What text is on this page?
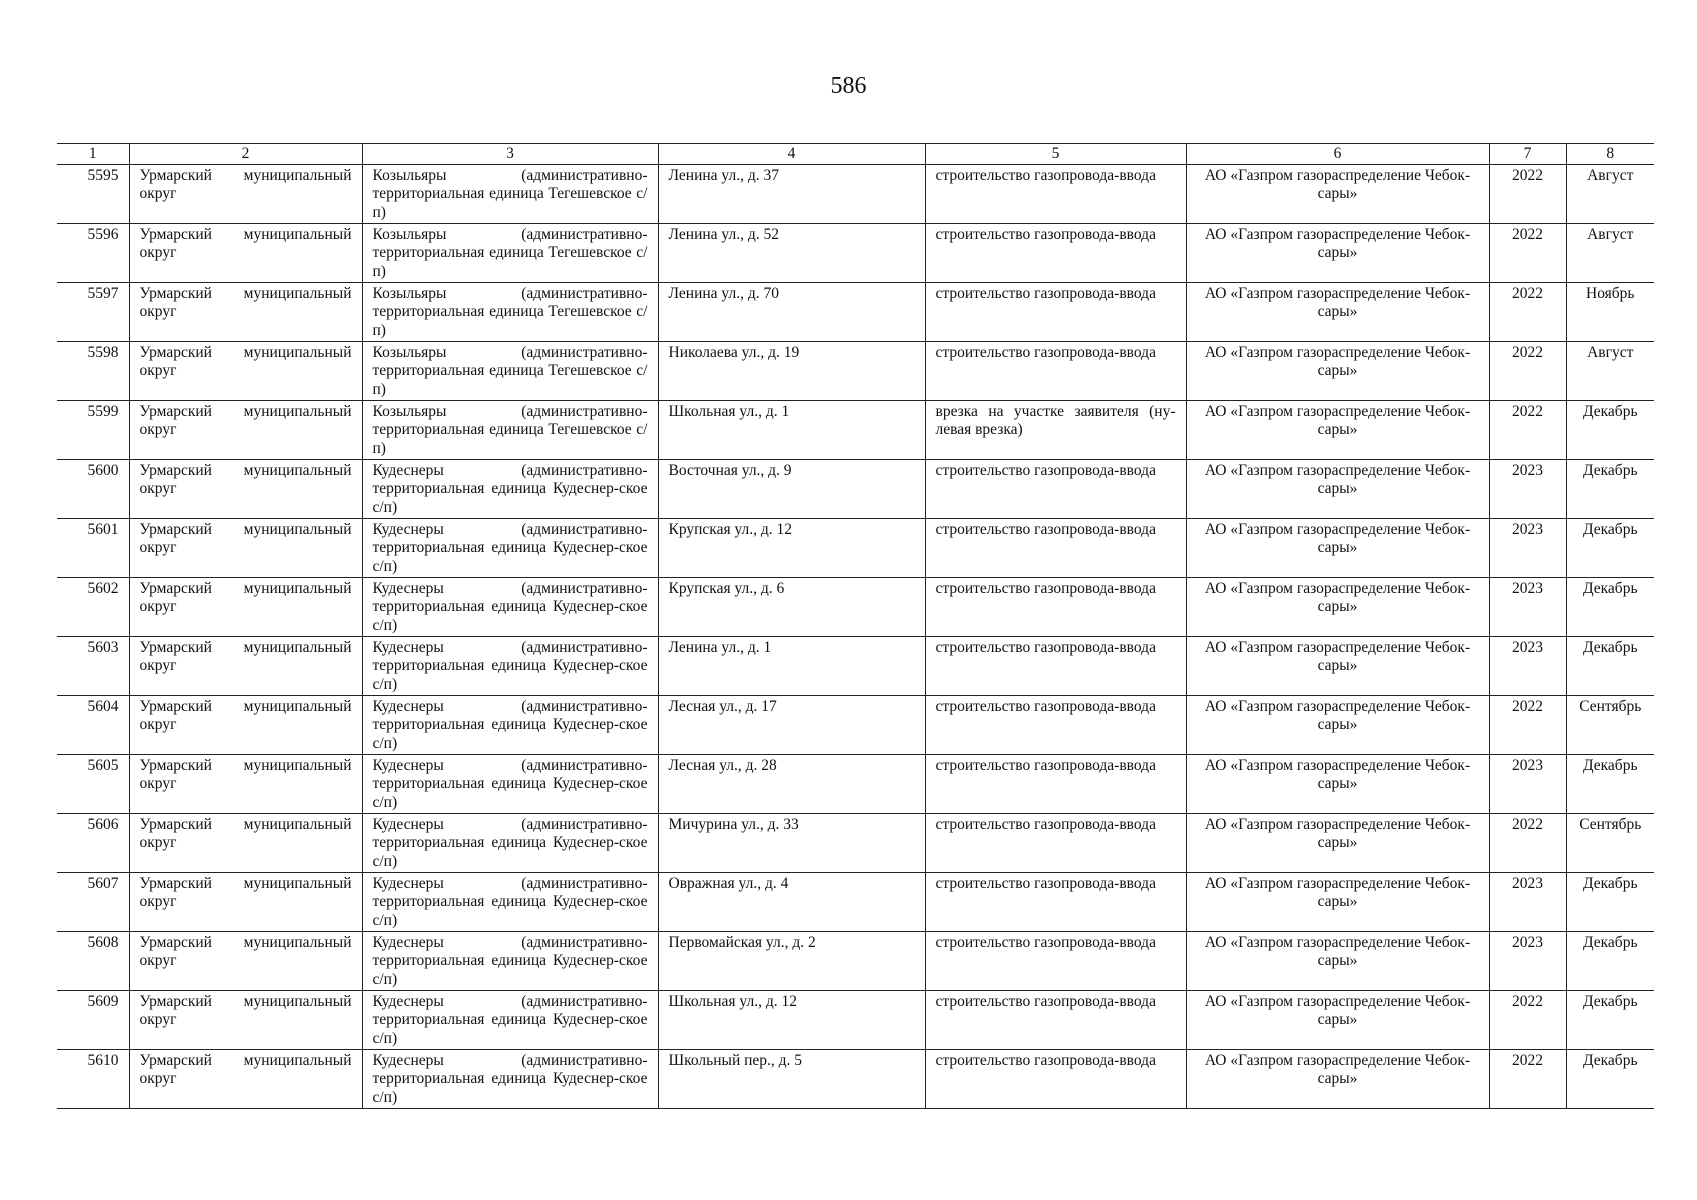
586
1	2	3	4	5	6	7	8
5595	Урмарский муниципальный округ	Козыльяры (административно-территориальная единица Тегешевское с/п)	Ленина ул., д. 37	строительство газопровода-ввода	АО «Газпром газораспределение Чебок-сары»	2022	Август
5596	Урмарский муниципальный округ	Козыльяры (административно-территориальная единица Тегешевское с/п)	Ленина ул., д. 52	строительство газопровода-ввода	АО «Газпром газораспределение Чебок-сары»	2022	Август
5597	Урмарский муниципальный округ	Козыльяры (административно-территориальная единица Тегешевское с/п)	Ленина ул., д. 70	строительство газопровода-ввода	АО «Газпром газораспределение Чебок-сары»	2022	Ноябрь
5598	Урмарский муниципальный округ	Козыльяры (административно-территориальная единица Тегешевское с/п)	Николаева ул., д. 19	строительство газопровода-ввода	АО «Газпром газораспределение Чебок-сары»	2022	Август
5599	Урмарский муниципальный округ	Козыльяры (административно-территориальная единица Тегешевское с/п)	Школьная ул., д. 1	врезка на участке заявителя (ну-левая врезка)	АО «Газпром газораспределение Чебок-сары»	2022	Декабрь
5600	Урмарский муниципальный округ	Кудеснеры (административно-территориальная единица Кудеснер-ское с/п)	Восточная ул., д. 9	строительство газопровода-ввода	АО «Газпром газораспределение Чебок-сары»	2023	Декабрь
5601	Урмарский муниципальный округ	Кудеснеры (административно-территориальная единица Кудеснер-ское с/п)	Крупская ул., д. 12	строительство газопровода-ввода	АО «Газпром газораспределение Чебок-сары»	2023	Декабрь
5602	Урмарский муниципальный округ	Кудеснеры (административно-территориальная единица Кудеснер-ское с/п)	Крупская ул., д. 6	строительство газопровода-ввода	АО «Газпром газораспределение Чебок-сары»	2023	Декабрь
5603	Урмарский муниципальный округ	Кудеснеры (административно-территориальная единица Кудеснер-ское с/п)	Ленина ул., д. 1	строительство газопровода-ввода	АО «Газпром газораспределение Чебок-сары»	2023	Декабрь
5604	Урмарский муниципальный округ	Кудеснеры (административно-территориальная единица Кудеснер-ское с/п)	Лесная ул., д. 17	строительство газопровода-ввода	АО «Газпром газораспределение Чебок-сары»	2022	Сентябрь
5605	Урмарский муниципальный округ	Кудеснеры (административно-территориальная единица Кудеснер-ское с/п)	Лесная ул., д. 28	строительство газопровода-ввода	АО «Газпром газораспределение Чебок-сары»	2023	Декабрь
5606	Урмарский муниципальный округ	Кудеснеры (административно-территориальная единица Кудеснер-ское с/п)	Мичурина ул., д. 33	строительство газопровода-ввода	АО «Газпром газораспределение Чебок-сары»	2022	Сентябрь
5607	Урмарский муниципальный округ	Кудеснеры (административно-территориальная единица Кудеснер-ское с/п)	Овражная ул., д. 4	строительство газопровода-ввода	АО «Газпром газораспределение Чебок-сары»	2023	Декабрь
5608	Урмарский муниципальный округ	Кудеснеры (административно-территориальная единица Кудеснер-ское с/п)	Первомайская ул., д. 2	строительство газопровода-ввода	АО «Газпром газораспределение Чебок-сары»	2023	Декабрь
5609	Урмарский муниципальный округ	Кудеснеры (административно-территориальная единица Кудеснер-ское с/п)	Школьная ул., д. 12	строительство газопровода-ввода	АО «Газпром газораспределение Чебок-сары»	2022	Декабрь
5610	Урмарский муниципальный округ	Кудеснеры (административно-территориальная единица Кудеснер-ское с/п)	Школьный пер., д. 5	строительство газопровода-ввода	АО «Газпром газораспределение Чебок-сары»	2022	Декабрь
